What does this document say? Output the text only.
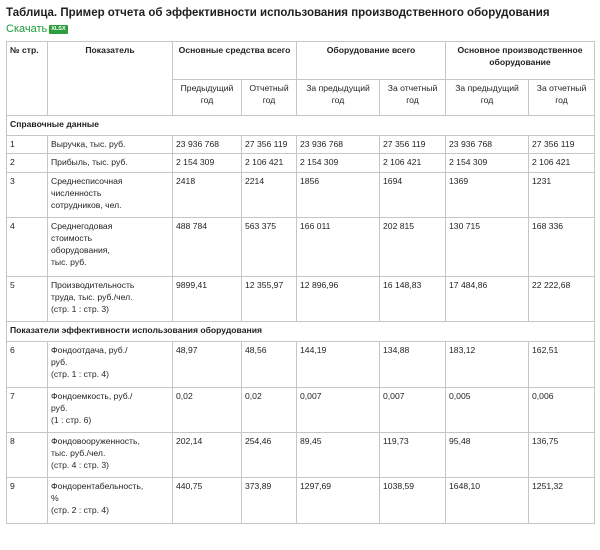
Таблица. Пример отчета об эффективности использования производственного оборудования
Скачать XLSX
№ стр.	Показатель	Основные средства всего		Оборудование всего		Основное производственное оборудование	
		Предыдущий год	Отчетный год	За предыдущий год	За отчетный год	За предыдущий год	За отчетный год
Справочные данные							
1	Выручка, тыс. руб.	23 936 768	27 356 119	23 936 768	27 356 119	23 936 768	27 356 119
2	Прибыль, тыс. руб.	2 154 309	2 106 421	2 154 309	2 106 421	2 154 309	2 106 421
3	Среднесписочная
численность
сотрудников, чел.	2418	2214	1856	1694	1369	1231
4	Среднегодовая
стоимость
оборудования,
тыс. руб.	488 784	563 375	166 011	202 815	130 715	168 336
5	Производительность
труда, тыс. руб./чел.
(стр. 1 : стр. 3)	9899,41	12 355,97	12 896,96	16 148,83	17 484,86	22 222,68
Показатели эффективности использования оборудования							
6	Фондоотдача, руб./
руб.
(стр. 1 : стр. 4)	48,97	48,56	144,19	134,88	183,12	162,51
7	Фондоемкость, руб./
руб.
(1 : стр. 6)	0,02	0,02	0,007	0,007	0,005	0,006
8	Фондовооруженность,
тыс. руб./чел.
(стр. 4 : стр. 3)	202,14	254,46	89,45	119,73	95,48	136,75
9	Фондорентабельность,
%
(стр. 2 : стр. 4)	440,75	373,89	1297,69	1038,59	1648,10	1251,32
